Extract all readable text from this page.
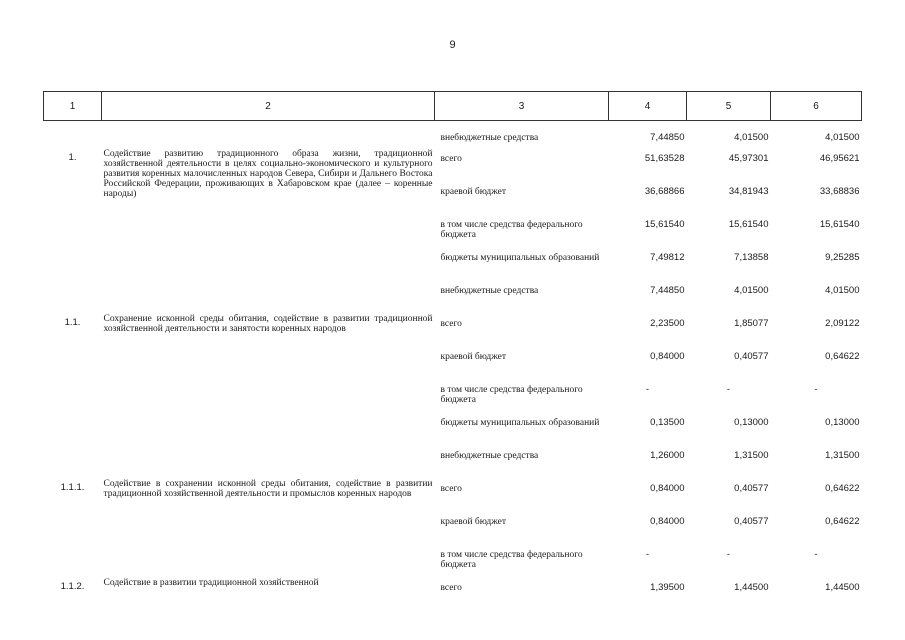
9
1	2	3	4	5	6
		внебюджетные средства	7,44850	4,01500	4,01500
1.	Содействие развитию традиционного образа жизни, традиционной хозяйственной деятельности в целях социально-экономического и культурного развития коренных малочисленных народов Севера, Сибири и Дальнего Востока Российской Федерации, проживающих в Хабаровском крае (далее – коренные народы)	всего	51,63528	45,97301	46,95621
		краевой бюджет	36,68866	34,81943	33,68836
		в том числе средства федерального бюджета	15,61540	15,61540	15,61540
		бюджеты муниципальных образований	7,49812	7,13858	9,25285
		внебюджетные средства	7,44850	4,01500	4,01500
1.1.	Сохранение исконной среды обитания, содействие в развитии традиционной хозяйственной деятельности и занятости коренных народов	всего	2,23500	1,85077	2,09122
		краевой бюджет	0,84000	0,40577	0,64622
		в том числе средства федерального бюджета	-	-	-
		бюджеты муниципальных образований	0,13500	0,13000	0,13000
		внебюджетные средства	1,26000	1,31500	1,31500
1.1.1.	Содействие в сохранении исконной среды обитания, содействие в развитии традиционной хозяйственной деятельности и промыслов коренных народов	всего	0,84000	0,40577	0,64622
		краевой бюджет	0,84000	0,40577	0,64622
		в том числе средства федерального бюджета	-	-	-
1.1.2.	Содействие в развитии традиционной хозяйственной	всего	1,39500	1,44500	1,44500
